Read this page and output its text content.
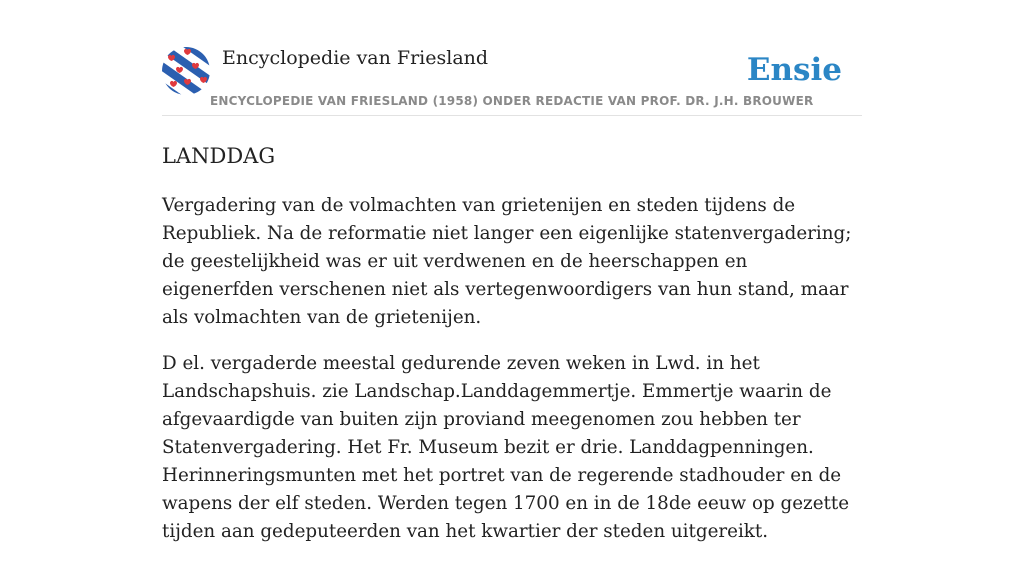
Encyclopedie van Friesland	Ensie
ENCYCLOPEDIE VAN FRIESLAND (1958) ONDER REDACTIE VAN PROF. DR. J.H. BROUWER
LANDDAG

Vergadering van de volmachten van grietenijen en steden tijdens de Republiek. Na de reformatie niet langer een eigenlijke statenvergadering; de geestelijkheid was er uit verdwenen en de heerschappen en eigenerfden verschenen niet als vertegenwoordigers van hun stand, maar als volmachten van de grietenijen.

D el. vergaderde meestal gedurende zeven weken in Lwd. in het Landschapshuis. zie Landschap.Landdagemmertje. Emmertje waarin de afgevaardigde van buiten zijn proviand meegenomen zou hebben ter Statenvergadering. Het Fr. Museum bezit er drie. Landdagpenningen. Herinneringsmunten met het portret van de regerende stadhouder en de wapens der elf steden. Werden tegen 1700 en in de 18de eeuw op gezette tijden aan gedeputeerden van het kwartier der steden uitgereikt.
